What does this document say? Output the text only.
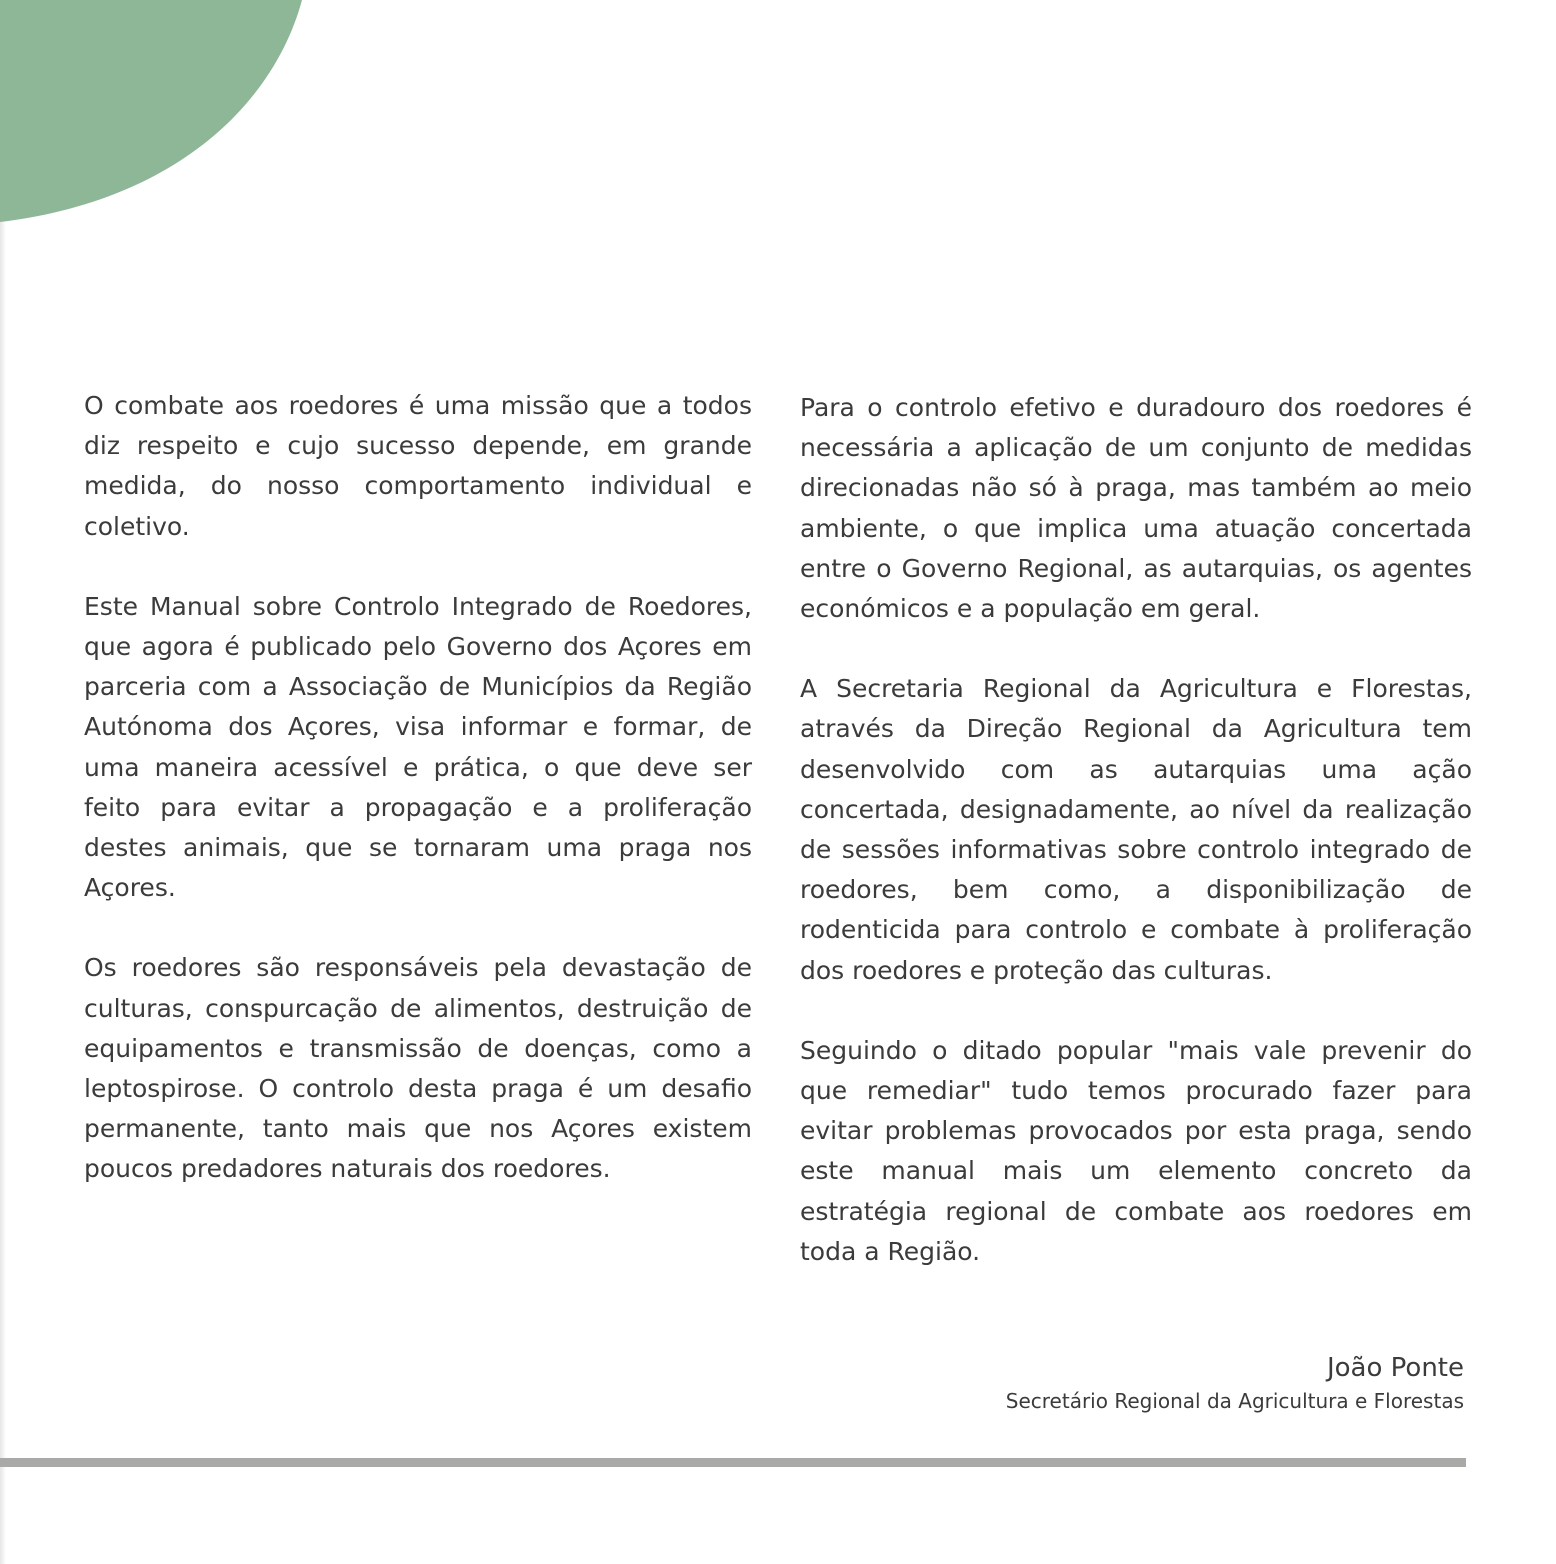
O combate aos roedores é uma missão que a todos diz respeito e cujo sucesso depende, em grande medida, do nosso comportamento individual e coletivo.

Este Manual sobre Controlo Integrado de Roedores, que agora é publicado pelo Governo dos Açores em parceria com a Associação de Municípios da Região Autónoma dos Açores, visa informar e formar, de uma maneira acessível e prática, o que deve ser feito para evitar a propagação e a proliferação destes animais, que se tornaram uma praga nos Açores.

Os roedores são responsáveis pela devastação de culturas, conspurcação de alimentos, destruição de equipamentos e transmissão de doenças, como a leptospirose. O controlo desta praga é um desafio permanente, tanto mais que nos Açores existem poucos predadores naturais dos roedores.

Para o controlo efetivo e duradouro dos roedores é necessária a aplicação de um conjunto de medidas direcionadas não só à praga, mas também ao meio ambiente, o que implica uma atuação concertada entre o Governo Regional, as autarquias, os agentes económicos e a população em geral.

A Secretaria Regional da Agricultura e Florestas, através da Direção Regional da Agricultura tem desenvolvido com as autarquias uma ação concertada, designadamente, ao nível da realização de sessões informativas sobre controlo integrado de roedores, bem como, a disponibilização de rodenticida para controlo e combate à proliferação dos roedores e proteção das culturas.

Seguindo o ditado popular "mais vale prevenir do que remediar" tudo temos procurado fazer para evitar problemas provocados por esta praga, sendo este manual mais um elemento concreto da estratégia regional de combate aos roedores em toda a Região.

João Ponte
Secretário Regional da Agricultura e Florestas
